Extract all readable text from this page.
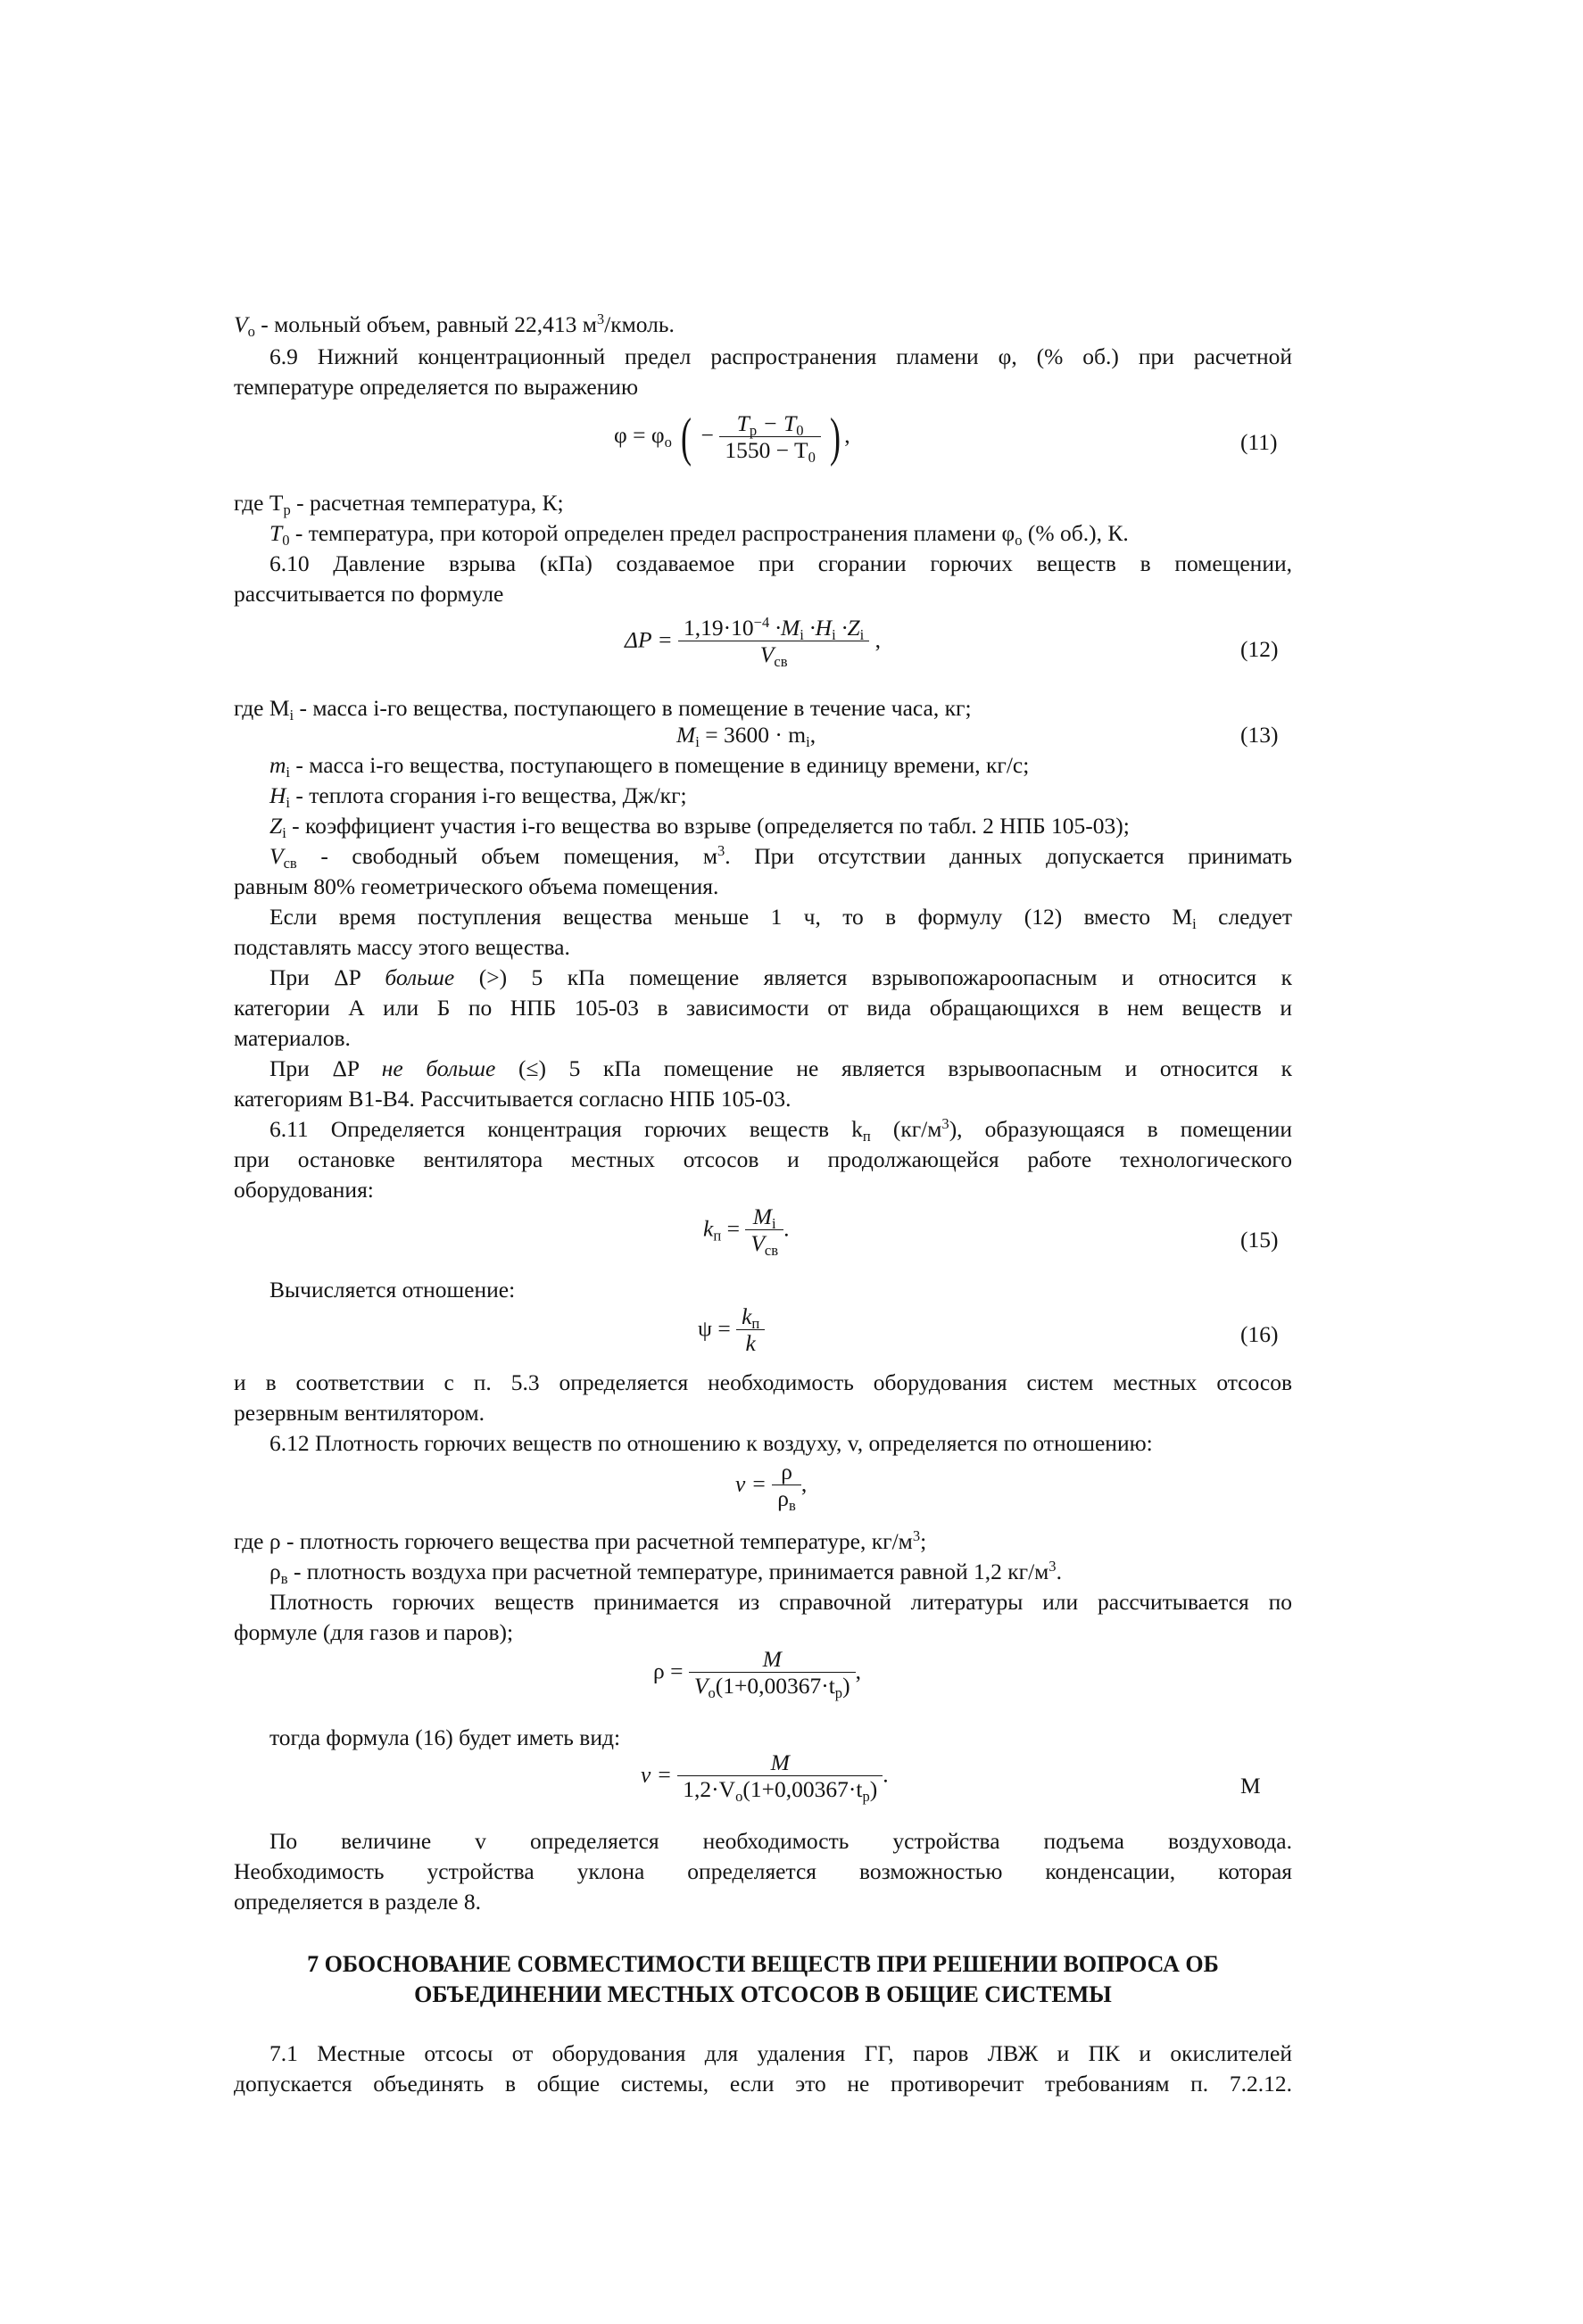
$V_о$ - мольный объем, равный 22,413 $м^3$/кмоль.
6.9 Нижний концентрационный предел распространения пламени φ, (% об.) при расчетной
температуре определяется по выражению
$\varphi = \varphi_о$ ( − $\frac{T_р - T_0}{1550 - T_0}$ ) ,	(11)
где $T_р$ - расчетная температура, К;
$T_0$ - температура, при которой определен предел распространения пламени $\varphi_о$ (% об.), К.
6.10 Давление взрыва (кПа) создаваемое при сгорании горючих веществ в помещении,
рассчитывается по формуле
$\Delta P = \frac{1,19\cdot 10^{-4} \cdot M_i \cdot H_i \cdot Z_i}{V_{св}}$ ,	(12)
где $M_i$ - масса i-го вещества, поступающего в помещение в течение часа, кг;
$M_i = 3600 \cdot m_i$,	(13)
$m_i$ - масса i-го вещества, поступающего в помещение в единицу времени, кг/с;
$H_i$ - теплота сгорания i-го вещества, Дж/кг;
$Z_i$ - коэффициент участия i-го вещества во взрыве (определяется по табл. 2 НПБ 105-03);
$V_{св}$ - свободный объем помещения, $м^3$. При отсутствии данных допускается принимать
равным 80% геометрического объема помещения.
Если время поступления вещества меньше 1 ч, то в формулу (12) вместо $M_i$ следует
подставлять массу этого вещества.
При ΔP больше (>) 5 кПа помещение является взрывопожароопасным и относится к
категории А или Б по НПБ 105-03 в зависимости от вида обращающихся в нем веществ и
материалов.
При ΔP не больше (≤) 5 кПа помещение не является взрывоопасным и относится к
категориям В1-В4. Рассчитывается согласно НПБ 105-03.
6.11 Определяется концентрация горючих веществ $k_п$ $(кг/м^3)$, образующаяся в помещении
при остановке вентилятора местных отсосов и продолжающейся работе технологического
оборудования:
$k_п = \frac{M_i}{V_{св}}$ .	(15)
Вычисляется отношение:
$\psi = \frac{k_п}{k}$	(16)
и в соответствии с п. 5.3 определяется необходимость оборудования систем местных отсосов
резервным вентилятором.
6.12 Плотность горючих веществ по отношению к воздуху, v, определяется по отношению:
$v = \frac{\rho}{\rho_в}$ ,
где ρ - плотность горючего вещества при расчетной температуре, $кг/м^3$;
$\rho_в$ - плотность воздуха при расчетной температуре, принимается равной 1,2 $кг/м^3$.
Плотность горючих веществ принимается из справочной литературы или рассчитывается по
формуле (для газов и паров);
$\rho = \frac{M}{V_о(1+0,00367\cdot t_р)}$ ,
тогда формула (16) будет иметь вид:
$v = \frac{M}{1,2\cdot V_о(1+0,00367\cdot t_р)}$ .	M
По величине v определяется необходимость устройства подъема воздуховода.
Необходимость устройства уклона определяется возможностью конденсации, которая
определяется в разделе 8.
7 ОБОСНОВАНИЕ СОВМЕСТИМОСТИ ВЕЩЕСТВ ПРИ РЕШЕНИИ ВОПРОСА ОБ
ОБЪЕДИНЕНИИ МЕСТНЫХ ОТСОСОВ В ОБЩИЕ СИСТЕМЫ
7.1 Местные отсосы от оборудования для удаления ГГ, паров ЛВЖ и ПК и окислителей
допускается объединять в общие системы, если это не противоречит требованиям п. 7.2.12.
